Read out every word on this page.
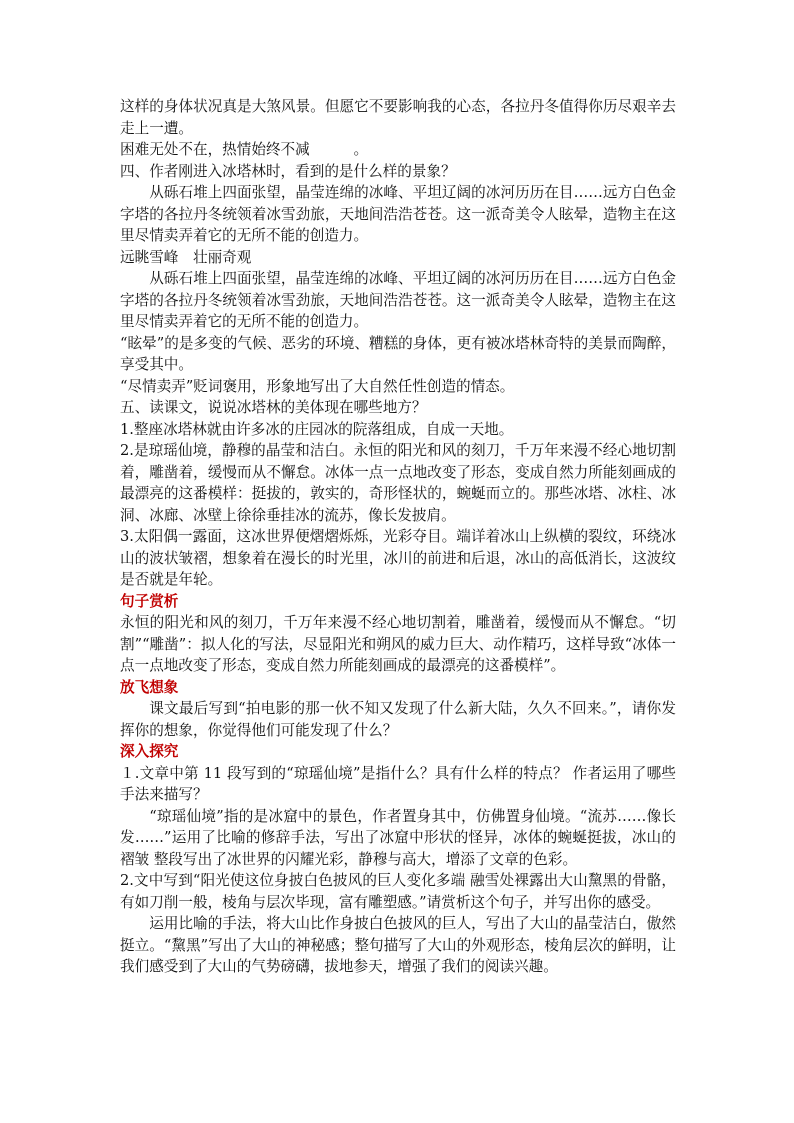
这样的身体状况真是大煞风景。但愿它不要影响我的心态，各拉丹冬值得你历尽艰辛去走上一遭。

困难无处不在，热情始终不减　　　。

四、作者刚进入冰塔林时，看到的是什么样的景象？

从砾石堆上四面张望，晶莹连绵的冰峰、平坦辽阔的冰河历历在目……远方白色金字塔的各拉丹冬统领着冰雪劲旅，天地间浩浩苍苍。这一派奇美令人眩晕，造物主在这里尽情卖弄着它的无所不能的创造力。

远眺雪峰　壮丽奇观

从砾石堆上四面张望，晶莹连绵的冰峰、平坦辽阔的冰河历历在目……远方白色金字塔的各拉丹冬统领着冰雪劲旅，天地间浩浩苍苍。这一派奇美令人眩晕，造物主在这里尽情卖弄着它的无所不能的创造力。

“眩晕”的是多变的气候、恶劣的环境、糟糕的身体，更有被冰塔林奇特的美景而陶醉，享受其中。

“尽情卖弄”贬词褒用，形象地写出了大自然任性创造的情态。

五、读课文，说说冰塔林的美体现在哪些地方？

1.整座冰塔林就由许多冰的庄园冰的院落组成，自成一天地。

2.是琼瑶仙境，静穆的晶莹和洁白。永恒的阳光和风的刻刀，千万年来漫不经心地切割着，雕凿着，缓慢而从不懈怠。冰体一点一点地改变了形态，变成自然力所能刻画成的最漂亮的这番模样：挺拔的，敦实的，奇形怪状的，蜿蜒而立的。那些冰塔、冰柱、冰洞、冰廊、冰壁上徐徐垂挂冰的流苏，像长发披肩。

3.太阳偶一露面，这冰世界便熠熠烁烁，光彩夺目。端详着冰山上纵横的裂纹，环绕冰山的波状皱褶，想象着在漫长的时光里，冰川的前进和后退，冰山的高低消长，这波纹是否就是年轮。

句子赏析

永恒的阳光和风的刻刀，千万年来漫不经心地切割着，雕凿着，缓慢而从不懈怠。“切割”“雕凿”：拟人化的写法，尽显阳光和朔风的威力巨大、动作精巧，这样导致“冰体一点一点地改变了形态，变成自然力所能刻画成的最漂亮的这番模样”。

放飞想象

课文最后写到“拍电影的那一伙不知又发现了什么新大陆，久久不回来。”，请你发挥你的想象，你觉得他们可能发现了什么？

深入探究

１.文章中第 11 段写到的“琼瑶仙境”是指什么？具有什么样的特点？ 作者运用了哪些手法来描写？

“琼瑶仙境”指的是冰窟中的景色，作者置身其中，仿佛置身仙境。“流苏……像长发……”运用了比喻的修辞手法，写出了冰窟中形状的怪异，冰体的蜿蜒挺拔，冰山的褶皱 整段写出了冰世界的闪耀光彩，静穆与高大，增添了文章的色彩。

2.文中写到“阳光使这位身披白色披风的巨人变化多端 融雪处裸露出大山黧黑的骨骼，有如刀削一般，棱角与层次毕现，富有雕塑感。”请赏析这个句子，并写出你的感受。

运用比喻的手法，将大山比作身披白色披风的巨人，写出了大山的晶莹洁白，傲然挺立。“黧黑”写出了大山的神秘感；整句描写了大山的外观形态，棱角层次的鲜明，让我们感受到了大山的气势磅礴，拔地参天，增强了我们的阅读兴趣。
